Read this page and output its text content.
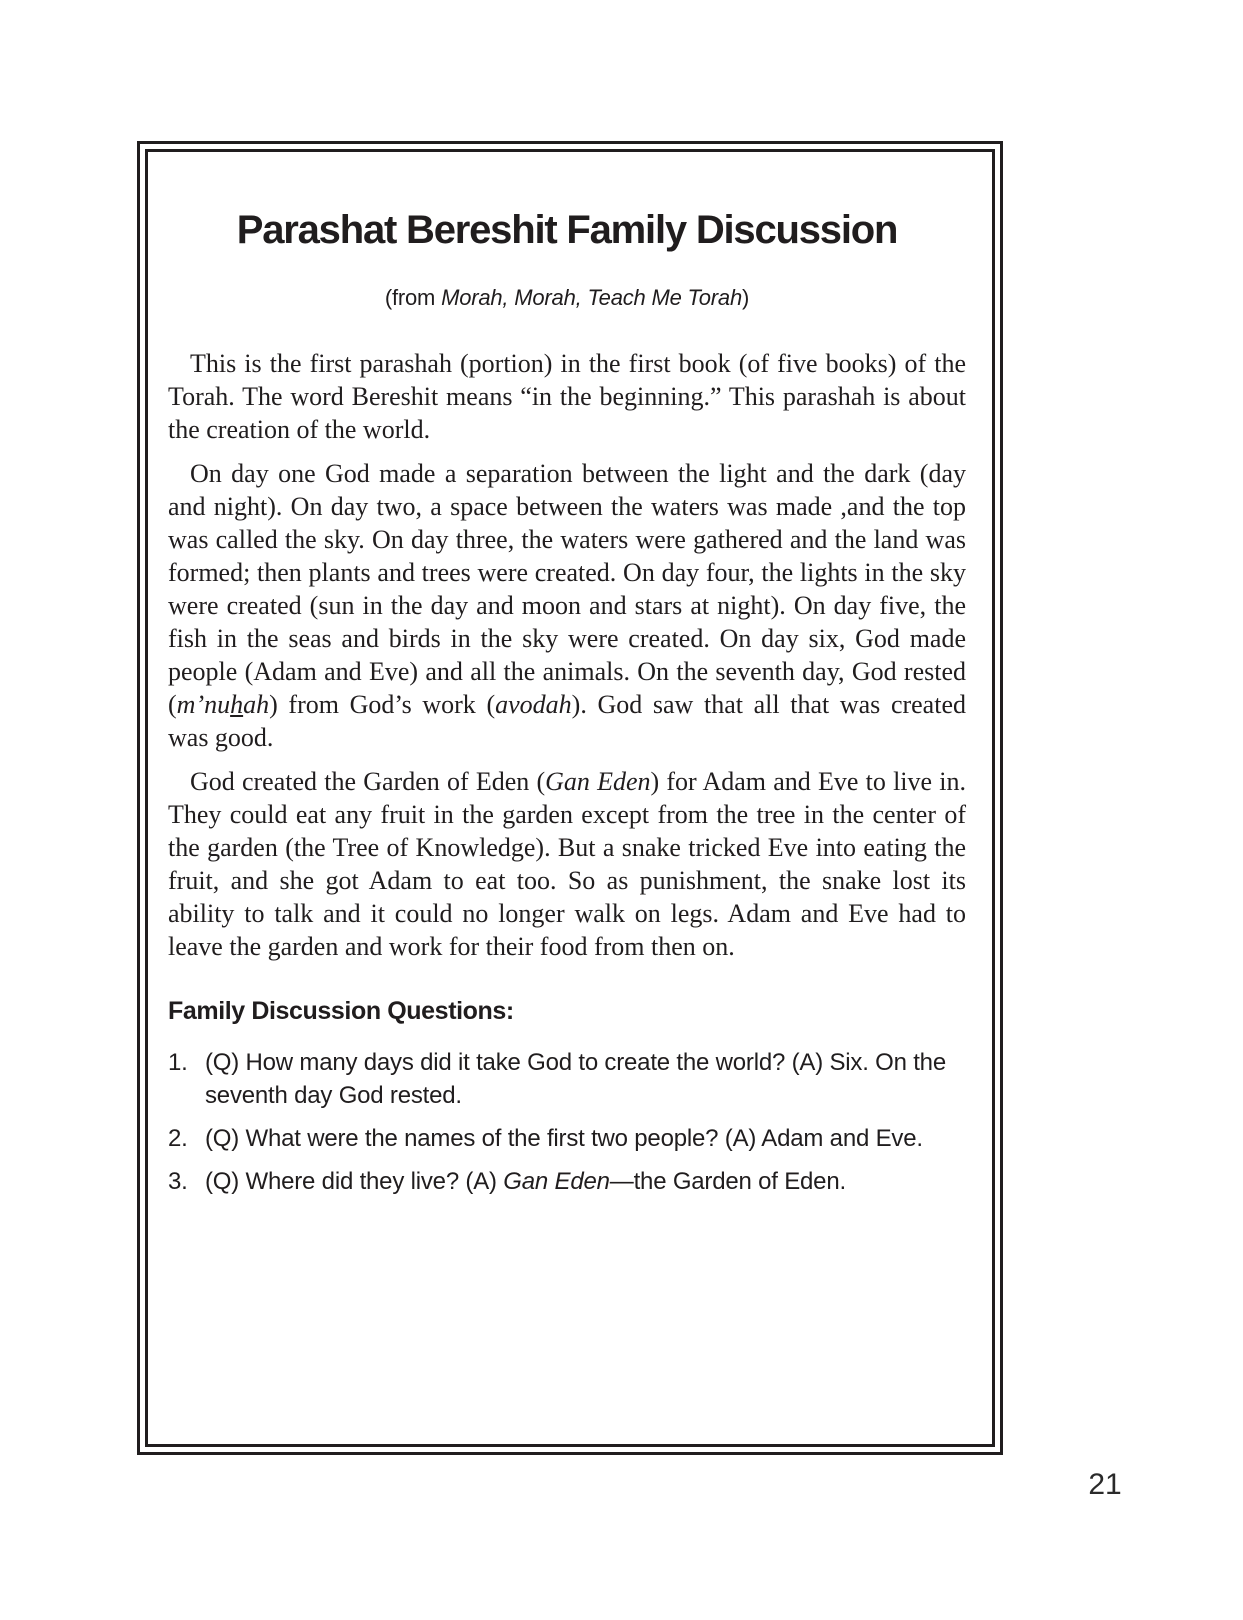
Parashat Bereshit Family Discussion

(from Morah, Morah, Teach Me Torah)

This is the first parashah (portion) in the first book (of five books) of the Torah. The word Bereshit means “in the beginning.” This parashah is about the creation of the world.

On day one God made a separation between the light and the dark (day and night). On day two, a space between the waters was made ,and the top was called the sky. On day three, the waters were gathered and the land was formed; then plants and trees were created. On day four, the lights in the sky were created (sun in the day and moon and stars at night). On day five, the fish in the seas and birds in the sky were created. On day six, God made people (Adam and Eve) and all the animals. On the seventh day, God rested (m’nuhah) from God’s work (avodah). God saw that all that was created was good.

God created the Garden of Eden (Gan Eden) for Adam and Eve to live in. They could eat any fruit in the garden except from the tree in the center of the garden (the Tree of Knowledge). But a snake tricked Eve into eating the fruit, and she got Adam to eat too. So as punishment, the snake lost its ability to talk and it could no longer walk on legs. Adam and Eve had to leave the garden and work for their food from then on.

Family Discussion Questions:
1. (Q) How many days did it take God to create the world? (A) Six. On the seventh day God rested.
2. (Q) What were the names of the first two people? (A) Adam and Eve.
3. (Q) Where did they live? (A) Gan Eden—the Garden of Eden.
21
